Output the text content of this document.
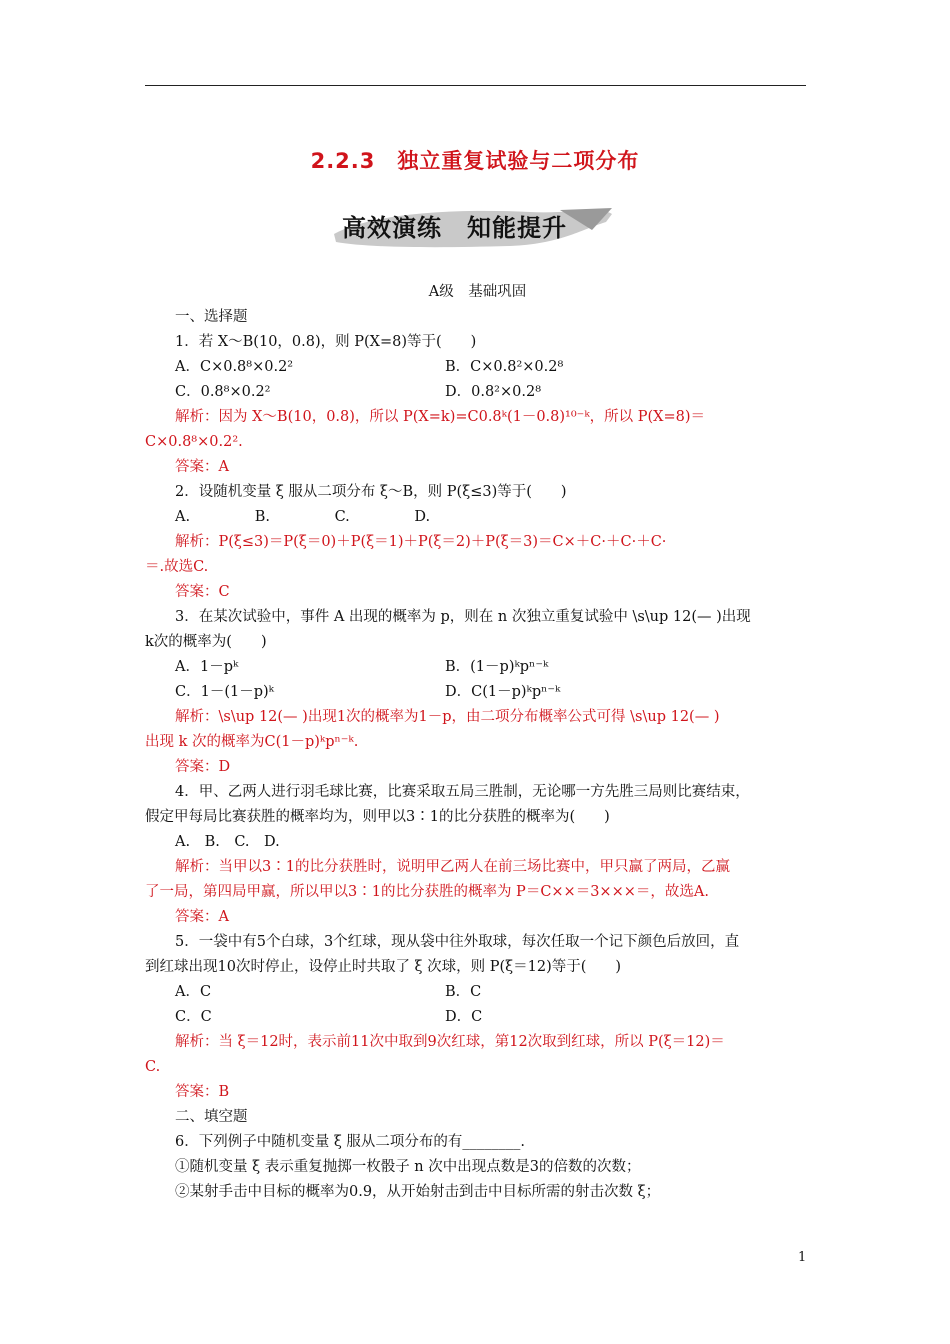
2.2.3　独立重复试验与二项分布
高效演练　知能提升
A级　基础巩固
一、选择题
1．若 X～B(10，0.8)，则 P(X=8)等于(　　)
A．C×0.8⁸×0.2²	B．C×0.8²×0.2⁸
C．0.8⁸×0.2²	D．0.8²×0.2⁸
解析：因为 X～B(10，0.8)，所以 P(X=k)=C0.8ᵏ(1－0.8)¹⁰⁻ᵏ，所以 P(X=8)＝
C×0.8⁸×0.2².
答案：A
2．设随机变量 ξ 服从二项分布 ξ～B，则 P(ξ≤3)等于(　　)
A.	B.	C.	D.
解析：P(ξ≤3)＝P(ξ＝0)＋P(ξ＝1)＋P(ξ＝2)＋P(ξ＝3)＝C×＋C·＋C·＋C·
＝.故选C.
答案：C
3．在某次试验中，事件 A 出现的概率为 p，则在 n 次独立重复试验中 \s\up 12(— )出现
k次的概率为(　　)
A．1－pᵏ	B．(1－p)ᵏpⁿ⁻ᵏ
C．1－(1－p)ᵏ	D．C(1－p)ᵏpⁿ⁻ᵏ
解析：\s\up 12(— )出现1次的概率为1－p，由二项分布概率公式可得 \s\up 12(— )
出现 k 次的概率为C(1－p)ᵏpⁿ⁻ᵏ.
答案：D
4．甲、乙两人进行羽毛球比赛，比赛采取五局三胜制，无论哪一方先胜三局则比赛结束，
假定甲每局比赛获胜的概率均为，则甲以3∶1的比分获胜的概率为(　　)
A.　B.　C.　D.
解析：当甲以3∶1的比分获胜时，说明甲乙两人在前三场比赛中，甲只赢了两局，乙赢
了一局，第四局甲赢，所以甲以3∶1的比分获胜的概率为 P＝C××＝3×××＝，故选A.
答案：A
5．一袋中有5个白球，3个红球，现从袋中往外取球，每次任取一个记下颜色后放回，直
到红球出现10次时停止，设停止时共取了 ξ 次球，则 P(ξ＝12)等于(　　)
A．C	B．C
C．C	D．C
解析：当 ξ＝12时，表示前11次中取到9次红球，第12次取到红球，所以 P(ξ＝12)＝
C.
答案：B
二、填空题
6．下列例子中随机变量 ξ 服从二项分布的有________.
①随机变量 ξ 表示重复抛掷一枚骰子 n 次中出现点数是3的倍数的次数；
②某射手击中目标的概率为0.9，从开始射击到击中目标所需的射击次数 ξ；
1
